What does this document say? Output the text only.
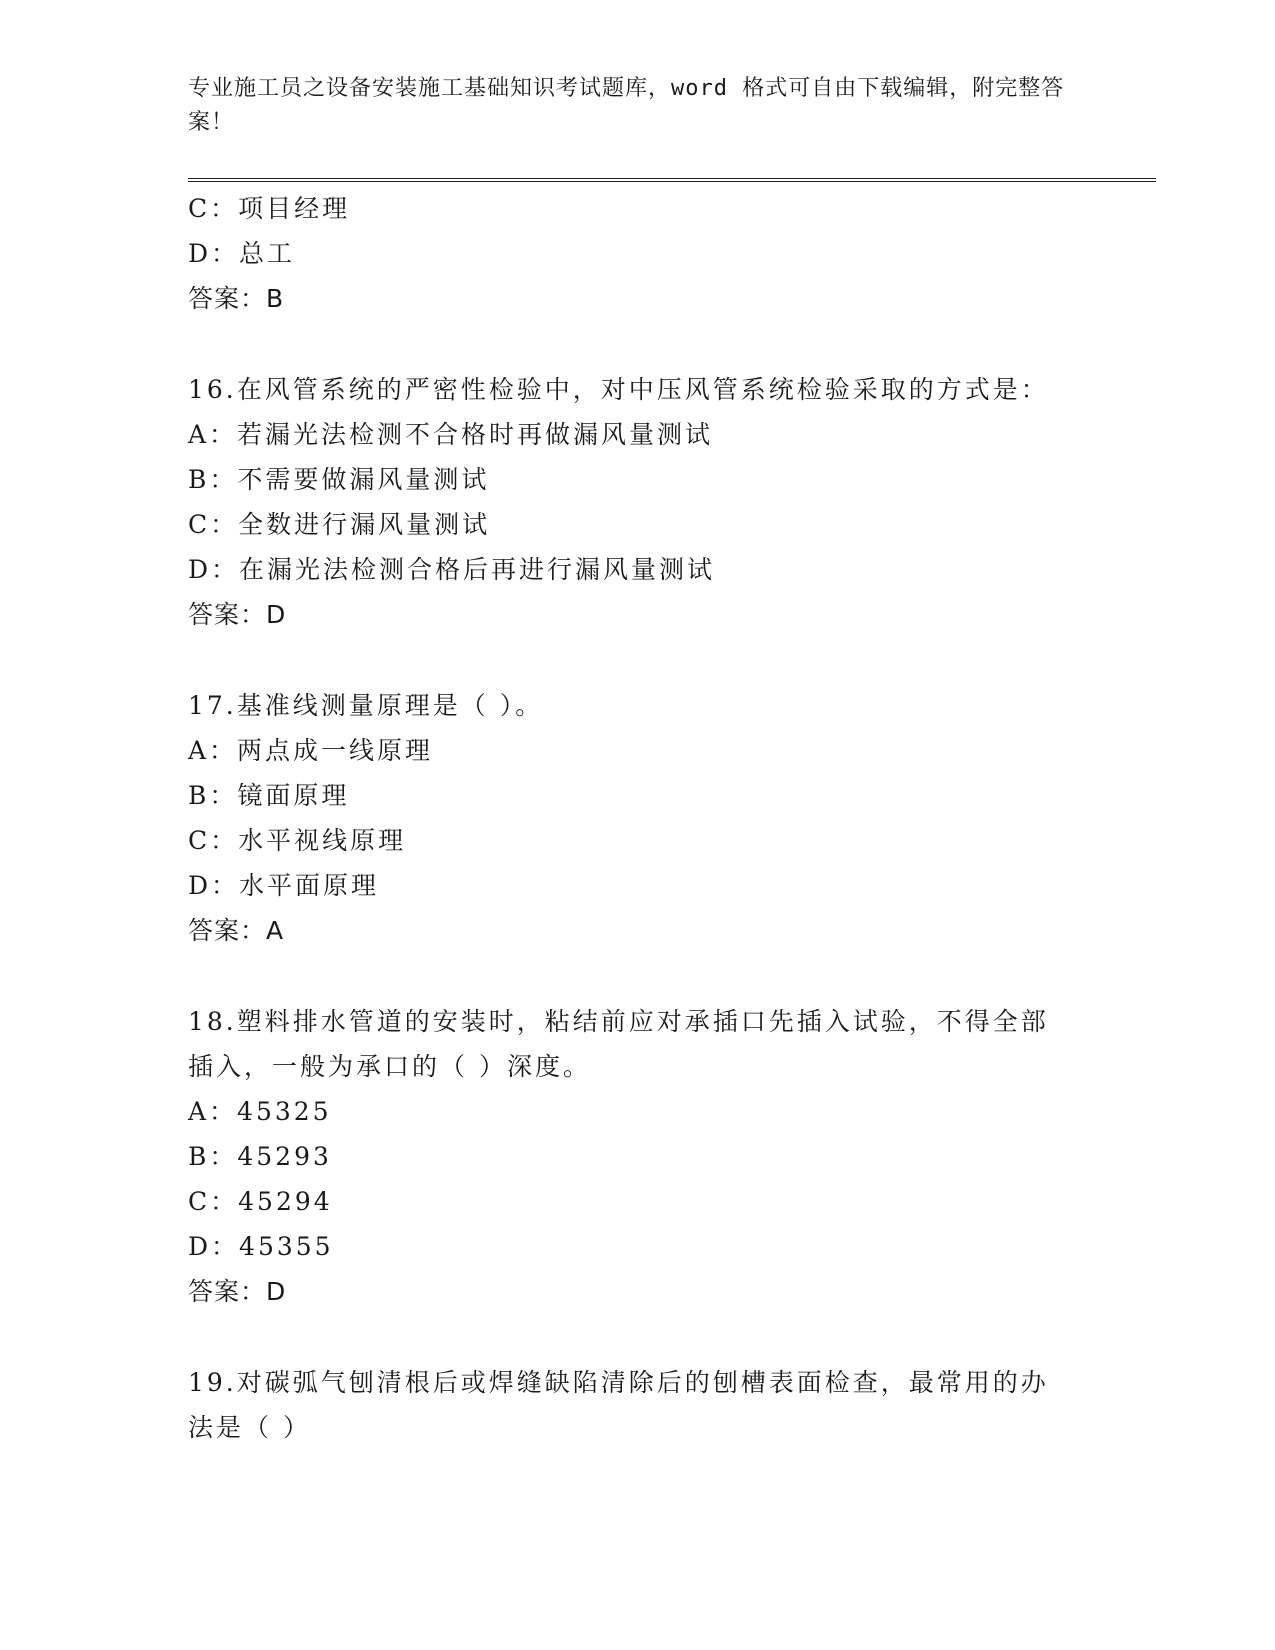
专业施工员之设备安装施工基础知识考试题库，word 格式可自由下载编辑，附完整答案！
C：项目经理
D：总工
答案：B
16.在风管系统的严密性检验中，对中压风管系统检验采取的方式是：
A：若漏光法检测不合格时再做漏风量测试
B：不需要做漏风量测试
C：全数进行漏风量测试
D：在漏光法检测合格后再进行漏风量测试
答案：D
17.基准线测量原理是（ ）。
A：两点成一线原理
B：镜面原理
C：水平视线原理
D：水平面原理
答案：A
18.塑料排水管道的安装时，粘结前应对承插口先插入试验，不得全部
插入，一般为承口的（ ）深度。
A：45325
B：45293
C：45294
D：45355
答案：D
19.对碳弧气刨清根后或焊缝缺陷清除后的刨槽表面检查，最常用的办
法是（ ）
